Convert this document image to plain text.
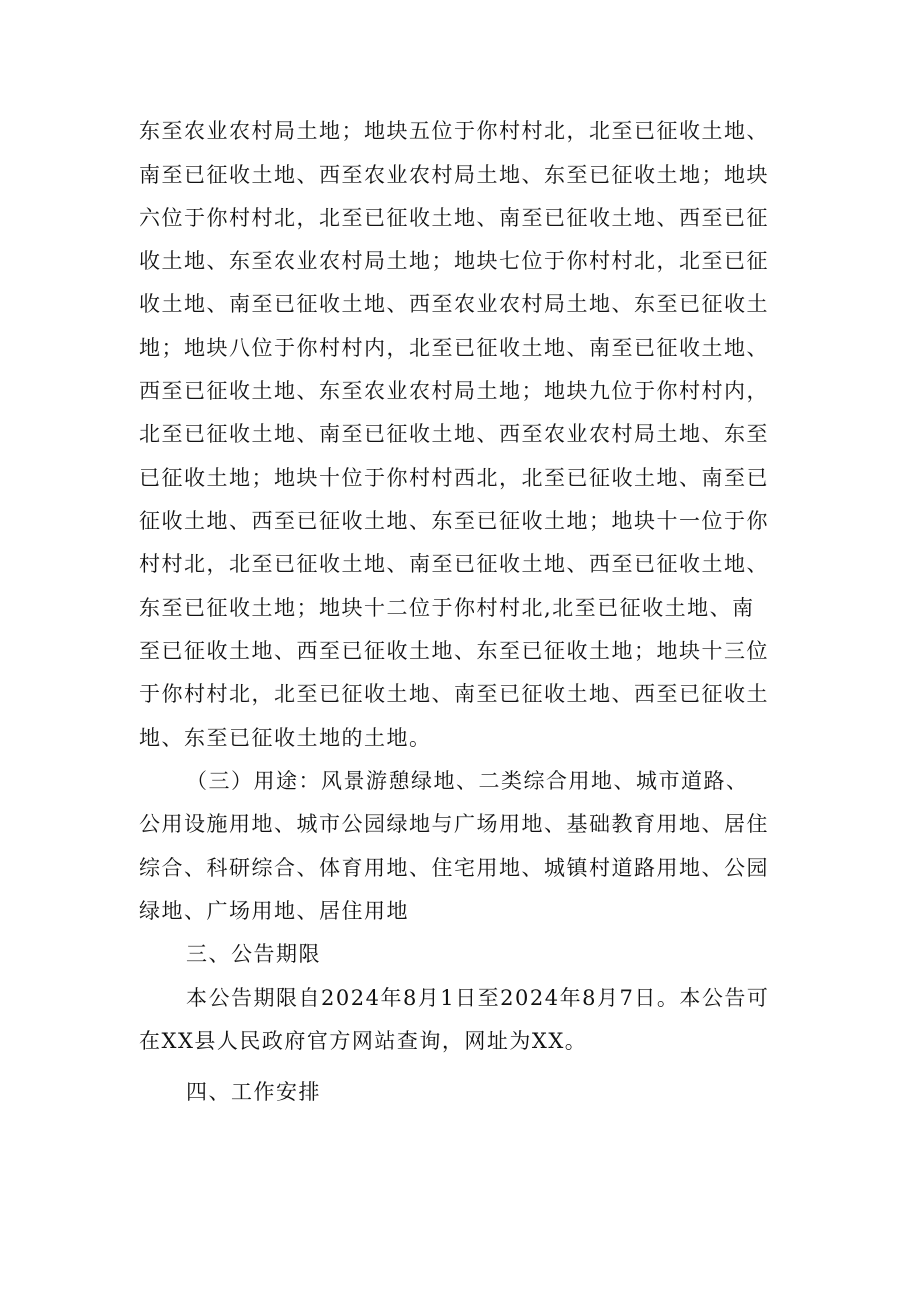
东至农业农村局土地；地块五位于你村村北，北至已征收土地、
南至已征收土地、西至农业农村局土地、东至已征收土地；地块
六位于你村村北，北至已征收土地、南至已征收土地、西至已征
收土地、东至农业农村局土地；地块七位于你村村北，北至已征
收土地、南至已征收土地、西至农业农村局土地、东至已征收土
地；地块八位于你村村内，北至已征收土地、南至已征收土地、
西至已征收土地、东至农业农村局土地；地块九位于你村村内，
北至已征收土地、南至已征收土地、西至农业农村局土地、东至
已征收土地；地块十位于你村村西北，北至已征收土地、南至已
征收土地、西至已征收土地、东至已征收土地；地块十一位于你
村村北，北至已征收土地、南至已征收土地、西至已征收土地、
东至已征收土地；地块十二位于你村村北,北至已征收土地、南
至已征收土地、西至已征收土地、东至已征收土地；地块十三位
于你村村北，北至已征收土地、南至已征收土地、西至已征收土
地、东至已征收土地的土地。
（三）用途：风景游憩绿地、二类综合用地、城市道路、
公用设施用地、城市公园绿地与广场用地、基础教育用地、居住
综合、科研综合、体育用地、住宅用地、城镇村道路用地、公园
绿地、广场用地、居住用地
三、公告期限
本公告期限自2024年8月1日至2024年8月7日。本公告可
在XX县人民政府官方网站查询，网址为XX。
四、工作安排
